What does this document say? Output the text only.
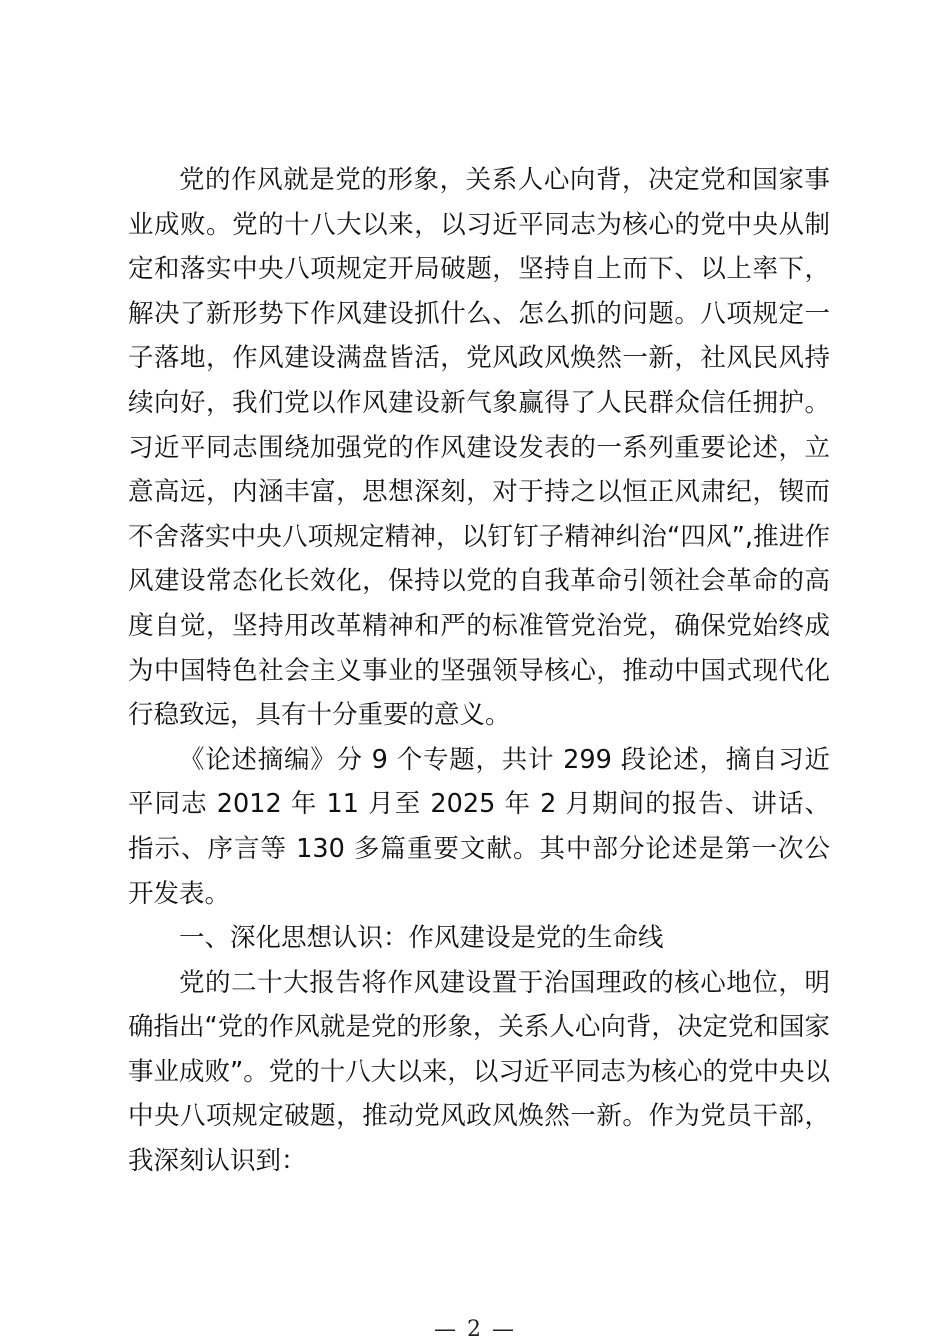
党的作风就是党的形象，关系人心向背，决定党和国家事业成败。党的十八大以来，以习近平同志为核心的党中央从制定和落实中央八项规定开局破题，坚持自上而下、以上率下，解决了新形势下作风建设抓什么、怎么抓的问题。八项规定一子落地，作风建设满盘皆活，党风政风焕然一新，社风民风持续向好，我们党以作风建设新气象赢得了人民群众信任拥护。习近平同志围绕加强党的作风建设发表的一系列重要论述，立意高远，内涵丰富，思想深刻，对于持之以恒正风肃纪，锲而不舍落实中央八项规定精神，以钉钉子精神纠治“四风”,推进作风建设常态化长效化，保持以党的自我革命引领社会革命的高度自觉，坚持用改革精神和严的标准管党治党，确保党始终成为中国特色社会主义事业的坚强领导核心，推动中国式现代化行稳致远，具有十分重要的意义。

《论述摘编》分 9 个专题，共计 299 段论述，摘自习近平同志 2012 年 11 月至 2025 年 2 月期间的报告、讲话、指示、序言等 130 多篇重要文献。其中部分论述是第一次公开发表。

一、深化思想认识：作风建设是党的生命线

党的二十大报告将作风建设置于治国理政的核心地位，明确指出“党的作风就是党的形象，关系人心向背，决定党和国家事业成败”。党的十八大以来，以习近平同志为核心的党中央以中央八项规定破题，推动党风政风焕然一新。作为党员干部，我深刻认识到：

— 2 —
